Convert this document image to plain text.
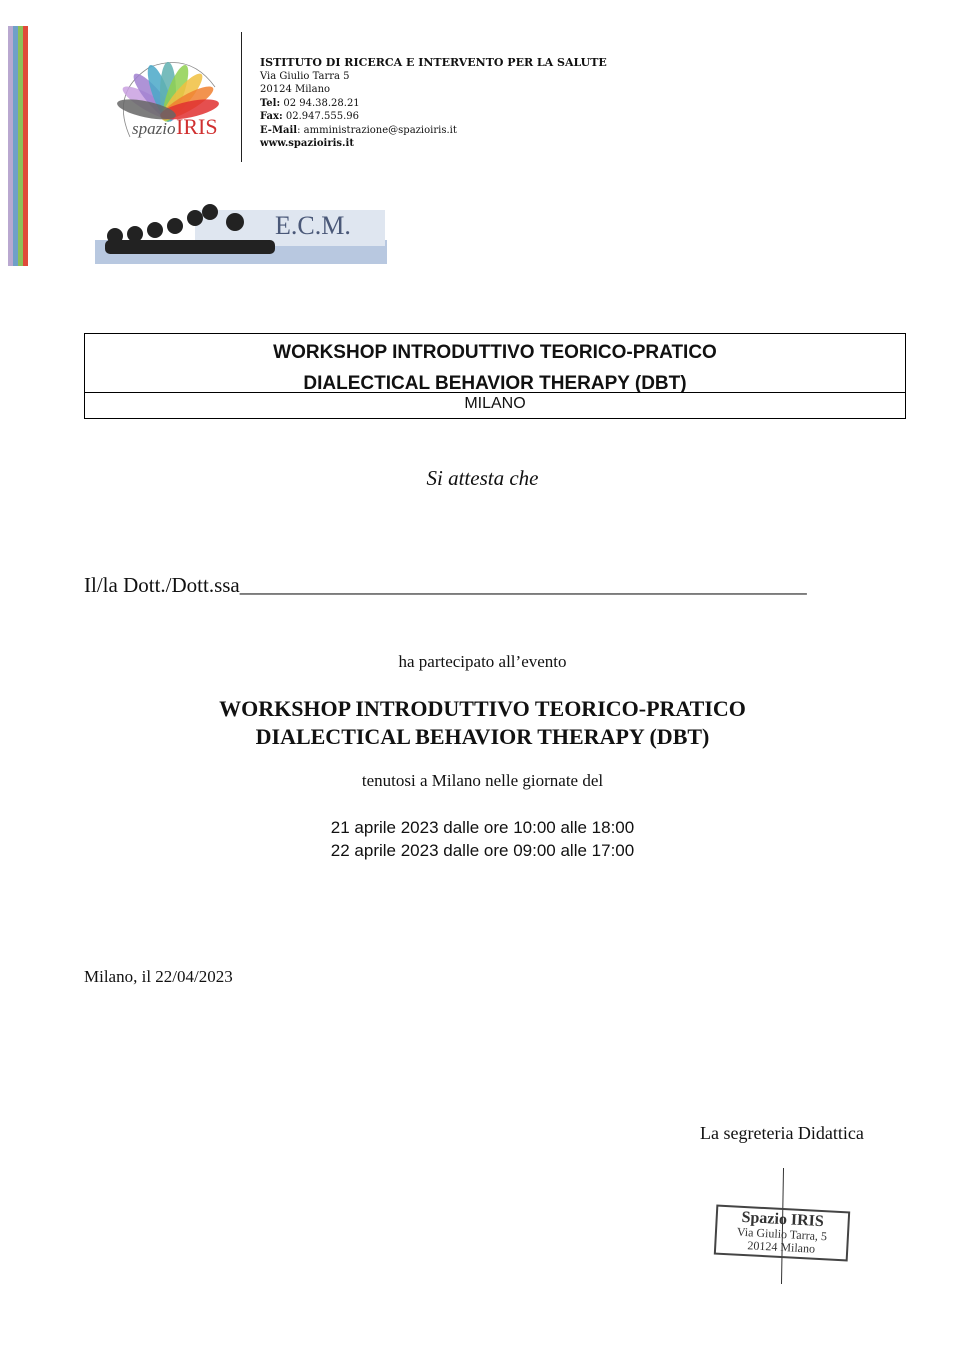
spazio IRIS
ISTITUTO DI RICERCA E INTERVENTO PER LA SALUTE
Via Giulio Tarra 5
20124 Milano
Tel: 02 94.38.28.21
Fax: 02.947.555.96
E-Mail: amministrazione@spazioiris.it
www.spazioiris.it
E.C.M.
WORKSHOP INTRODUTTIVO TEORICO-PRATICO
DIALECTICAL BEHAVIOR THERAPY (DBT)
MILANO
Si attesta che
Il/la Dott./Dott.ssa______________________________________________________
ha partecipato all’evento
WORKSHOP INTRODUTTIVO TEORICO-PRATICO
DIALECTICAL BEHAVIOR THERAPY (DBT)
tenutosi a Milano nelle giornate del
21 aprile 2023 dalle ore 10:00 alle 18:00
22 aprile 2023 dalle ore 09:00 alle 17:00
Milano, il 22/04/2023
La segreteria Didattica
Spazio IRIS
Via Giulio Tarra, 5
20124 Milano
